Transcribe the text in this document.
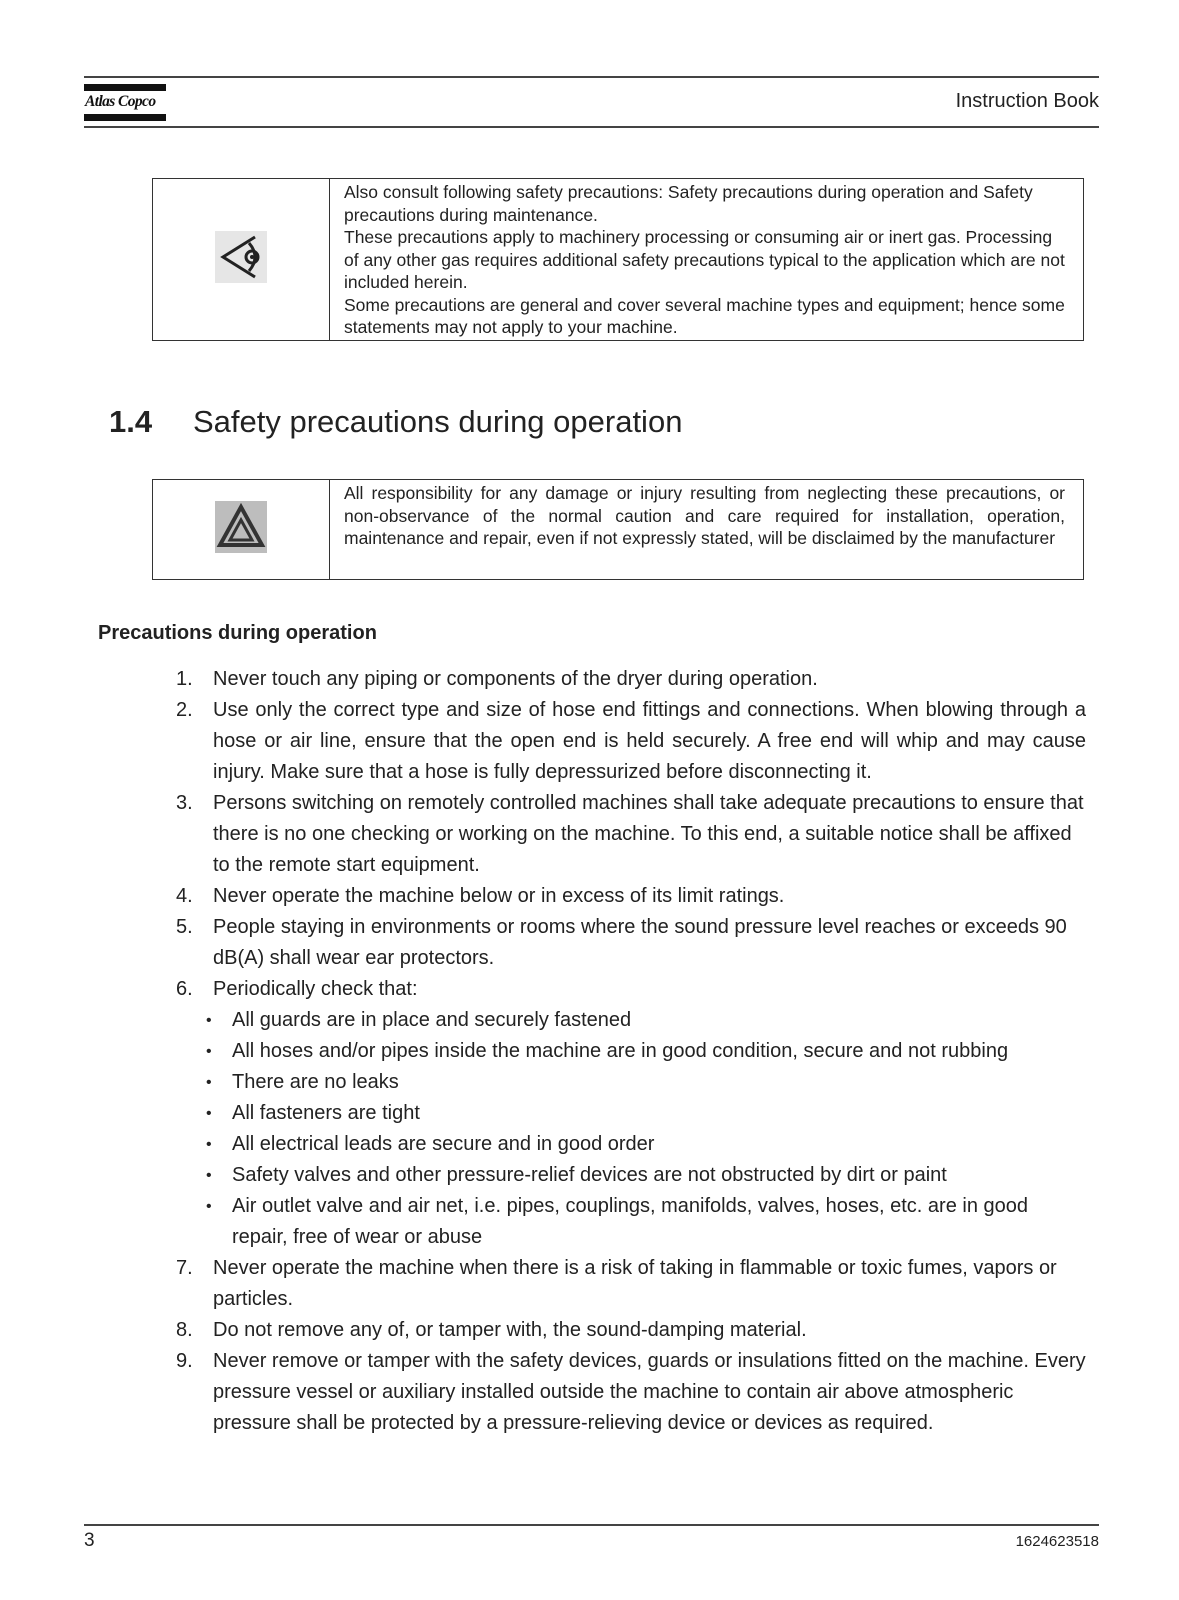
Atlas Copco	Instruction Book

Also consult following safety precautions: Safety precautions during operation and Safety precautions during maintenance.

These precautions apply to machinery processing or consuming air or inert gas. Processing of any other gas requires additional safety precautions typical to the application which are not included herein.

Some precautions are general and cover several machine types and equipment; hence some statements may not apply to your machine.

1.4 Safety precautions during operation

All responsibility for any damage or injury resulting from neglecting these precautions, or non-observance of the normal caution and care required for installation, operation, maintenance and repair, even if not expressly stated, will be disclaimed by the manufacturer

Precautions during operation
1.	Never touch any piping or components of the dryer during operation.
2.	Use only the correct type and size of hose end fittings and connections. When blowing through a hose or air line, ensure that the open end is held securely. A free end will whip and may cause injury. Make sure that a hose is fully depressurized before disconnecting it.
3.	Persons switching on remotely controlled machines shall take adequate precautions to ensure that there is no one checking or working on the machine. To this end, a suitable notice shall be affixed to the remote start equipment.
4.	Never operate the machine below or in excess of its limit ratings.
5.	People staying in environments or rooms where the sound pressure level reaches or exceeds 90 dB(A) shall wear ear protectors.
6.	Periodically check that:
•	All guards are in place and securely fastened
•	All hoses and/or pipes inside the machine are in good condition, secure and not rubbing
•	There are no leaks
•	All fasteners are tight
•	All electrical leads are secure and in good order
•	Safety valves and other pressure-relief devices are not obstructed by dirt or paint
•	Air outlet valve and air net, i.e. pipes, couplings, manifolds, valves, hoses, etc. are in good repair, free of wear or abuse
7.	Never operate the machine when there is a risk of taking in flammable or toxic fumes, vapors or particles.
8.	Do not remove any of, or tamper with, the sound-damping material.
9.	Never remove or tamper with the safety devices, guards or insulations fitted on the machine. Every pressure vessel or auxiliary installed outside the machine to contain air above atmospheric pressure shall be protected by a pressure-relieving device or devices as required.
3	1624623518
